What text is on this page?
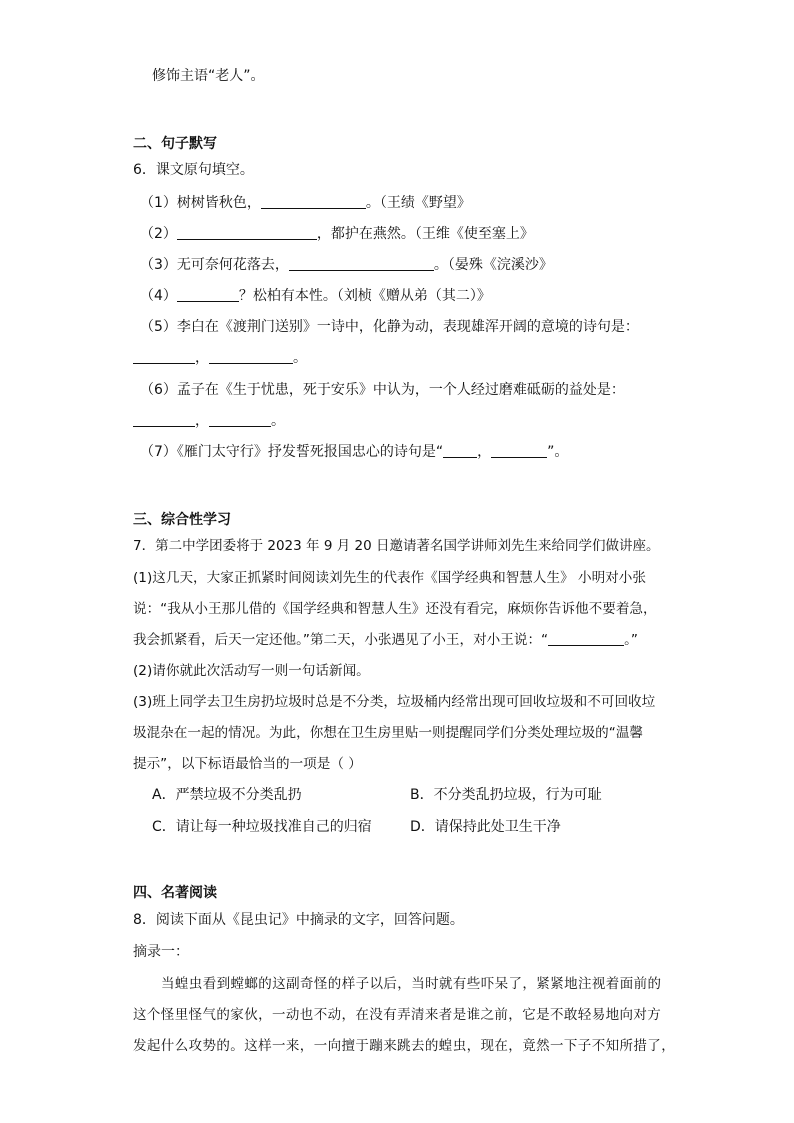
修饰主语“老人”。
二、句子默写
6．课文原句填空。
（1）树树皆秋色，	。（王绩《野望》
（2）	，都护在燕然。（王维《使至塞上》
（3）无可奈何花落去，	。（晏殊《浣溪沙》
（4）	？松柏有本性。（刘桢《赠从弟（其二）》
（5）李白在《渡荆门送别》一诗中，化静为动，表现雄浑开阔的意境的诗句是：
，	。
（6）孟子在《生于忧患，死于安乐》中认为，一个人经过磨难砥砺的益处是：
，	。
（7）《雁门太守行》抒发誓死报国忠心的诗句是“ ，	”。
三、综合性学习
7．第二中学团委将于 2023 年 9 月 20 日邀请著名国学讲师刘先生来给同学们做讲座。
(1)这几天，大家正抓紧时间阅读刘先生的代表作《国学经典和智慧人生》 小明对小张
说：“我从小王那儿借的《国学经典和智慧人生》还没有看完，麻烦你告诉他不要着急，
我会抓紧看，后天一定还他。”第二天，小张遇见了小王，对小王说：“	。”
(2)请你就此次活动写一则一句话新闻。
(3)班上同学去卫生房扔垃圾时总是不分类，垃圾桶内经常出现可回收垃圾和不可回收垃
圾混杂在一起的情况。为此，你想在卫生房里贴一则提醒同学们分类处理垃圾的“温馨
提示”，以下标语最恰当的一项是（ ）
A．严禁垃圾不分类乱扔	B．不分类乱扔垃圾，行为可耻
C．请让每一种垃圾找准自己的归宿	D．请保持此处卫生干净
四、名著阅读
8．阅读下面从《昆虫记》中摘录的文字，回答问题。
摘录一：
当蝗虫看到螳螂的这副奇怪的样子以后，当时就有些吓呆了，紧紧地注视着面前的
这个怪里怪气的家伙，一动也不动，在没有弄清来者是谁之前，它是不敢轻易地向对方
发起什么攻势的。这样一来，一向擅于蹦来跳去的蝗虫，现在，竟然一下子不知所措了，
